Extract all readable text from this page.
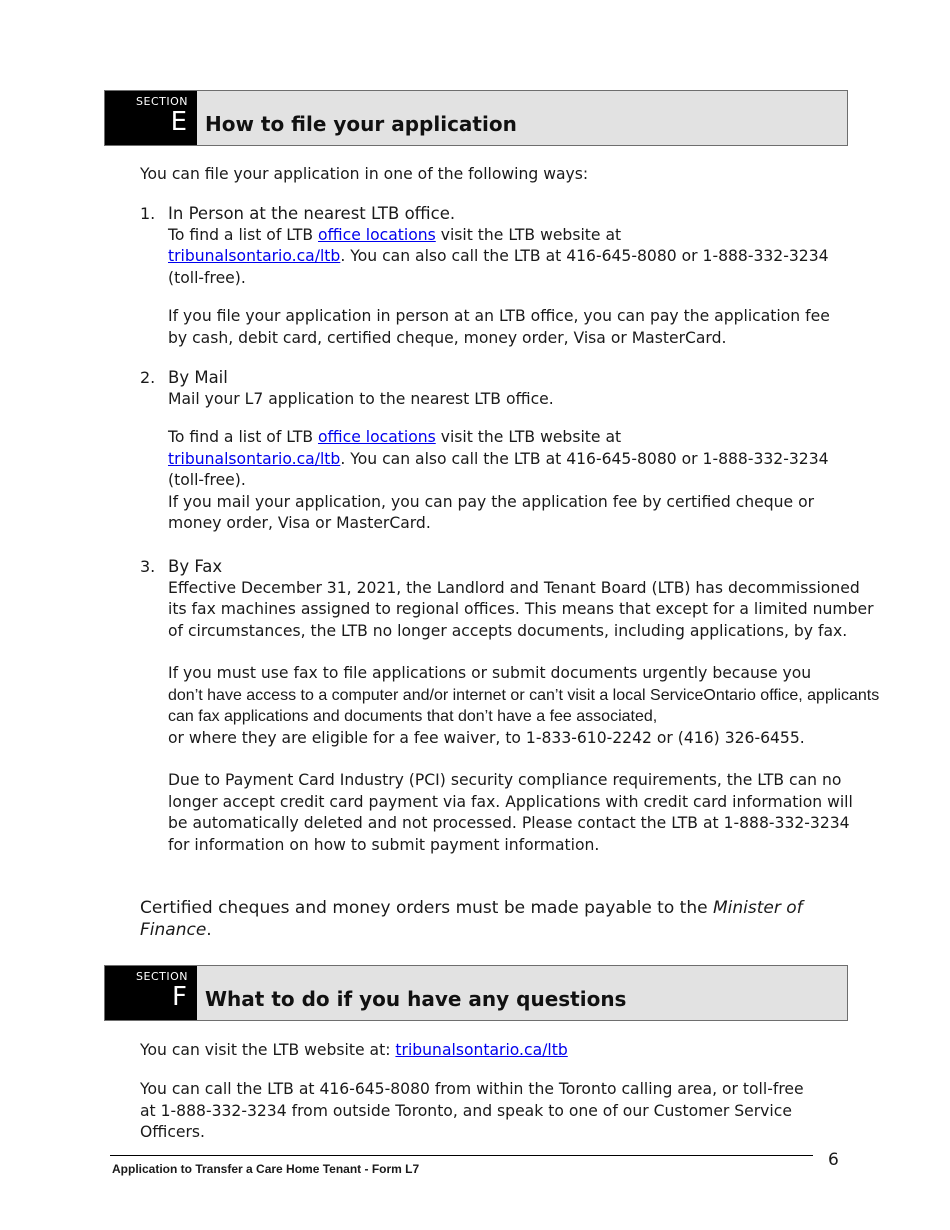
SECTION
E How to file your application
You can file your application in one of the following ways:
1. In Person at the nearest LTB office.

To find a list of LTB office locations visit the LTB website at
tribunalsontario.ca/ltb. You can also call the LTB at 416-645-8080 or 1-888-332-3234 (toll-free).

If you file your application in person at an LTB office, you can pay the application fee by cash, debit card, certified cheque, money order, Visa or MasterCard.

2. By Mail

Mail your L7 application to the nearest LTB office.

To find a list of LTB office locations visit the LTB website at
tribunalsontario.ca/ltb. You can also call the LTB at 416-645-8080 or 1-888-332-3234 (toll-free).

If you mail your application, you can pay the application fee by certified cheque or money order, Visa or MasterCard.

3. By Fax

Effective December 31, 2021, the Landlord and Tenant Board (LTB) has decommissioned its fax machines assigned to regional offices. This means that except for a limited number of circumstances, the LTB no longer accepts documents, including applications, by fax.

If you must use fax to file applications or submit documents urgently because you
don’t have access to a computer and/or internet or can’t visit a local ServiceOntario office, applicants can fax applications and documents that don’t have a fee associated,
or where they are eligible for a fee waiver, to 1-833-610-2242 or (416) 326-6455.

Due to Payment Card Industry (PCI) security compliance requirements, the LTB can no longer accept credit card payment via fax. Applications with credit card information will be automatically deleted and not processed. Please contact the LTB at 1-888-332-3234 for information on how to submit payment information.

Certified cheques and money orders must be made payable to the Minister of Finance.
SECTION
F What to do if you have any questions
You can visit the LTB website at: tribunalsontario.ca/ltb
You can call the LTB at 416-645-8080 from within the Toronto calling area, or toll-free at 1-888-332-3234 from outside Toronto, and speak to one of our Customer Service Officers.
Application to Transfer a Care Home Tenant - Form L7	6
